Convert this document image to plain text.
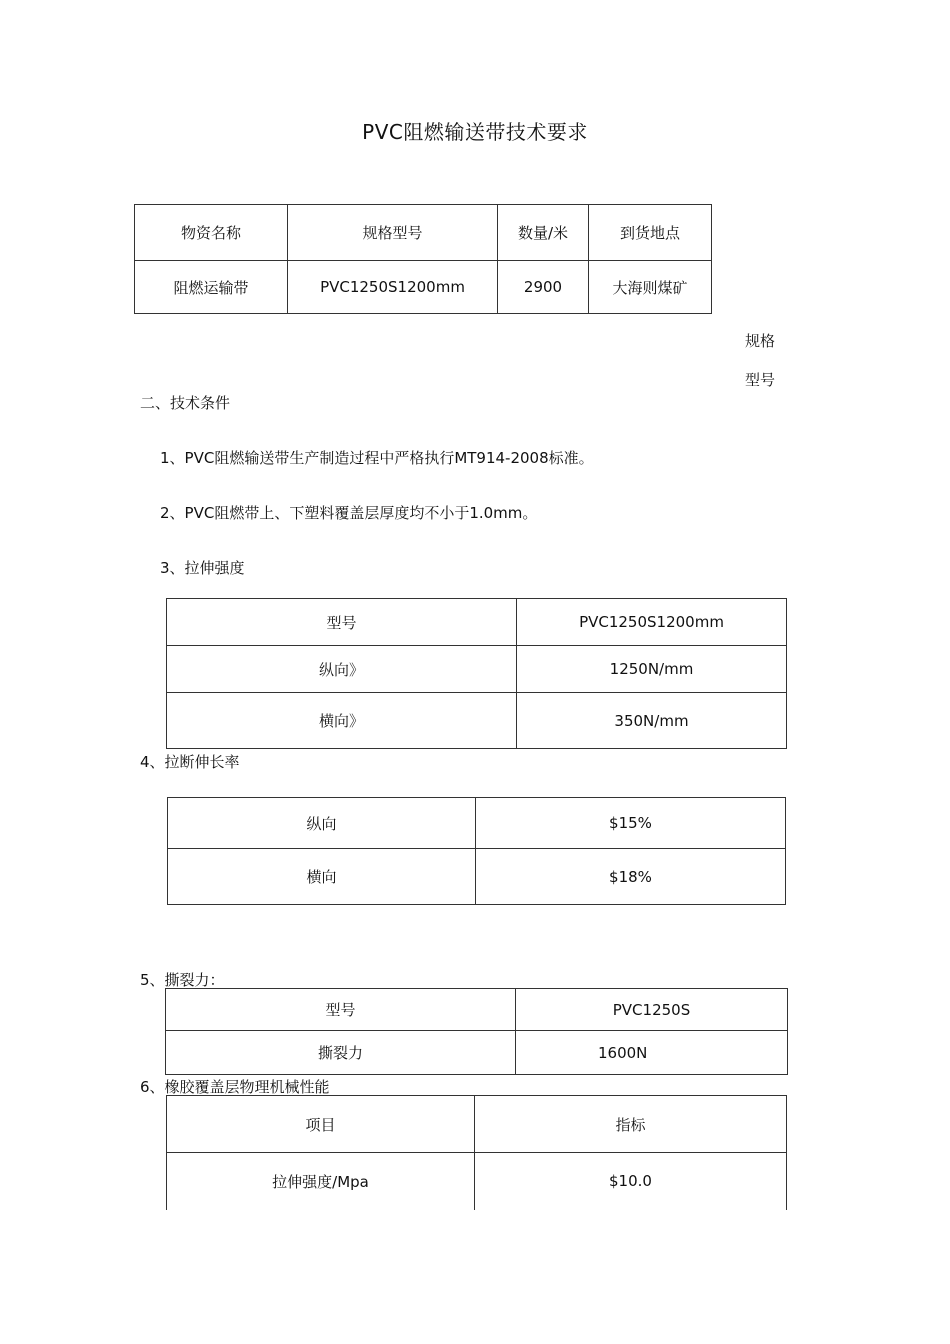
PVC阻燃输送带技术要求
物资名称	规格型号	数量/米	到货地点
阻燃运输带	PVC1250S1200mm	2900	大海则煤矿
规格
型号
二、技术条件
1、PVC阻燃输送带生产制造过程中严格执行MT914-2008标准。
2、PVC阻燃带上、下塑料覆盖层厚度均不小于1.0mm。
3、拉伸强度
型号	PVC1250S1200mm
纵向》	1250N/mm
横向》	350N/mm
4、拉断伸长率
纵向	$15%
横向	$18%
5、撕裂力：
型号	PVC1250S
撕裂力	1600N
6、橡胶覆盖层物理机械性能
项目	指标
拉伸强度/Mpa	$10.0
